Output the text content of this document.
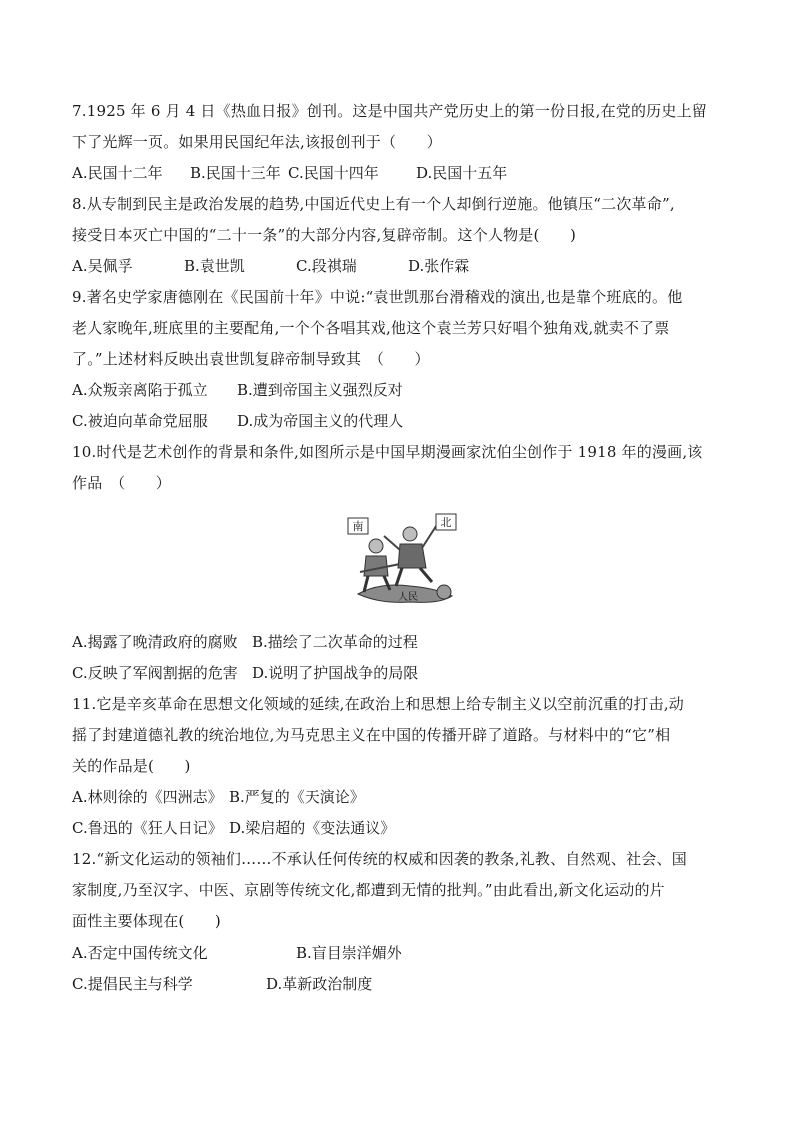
7.1925 年 6 月 4 日《热血日报》创刊。这是中国共产党历史上的第一份日报,在党的历史上留
下了光辉一页。如果用民国纪年法,该报创刊于（　　）
A.民国十二年 B.民国十三年 C.民国十四年 D.民国十五年
8.从专制到民主是政治发展的趋势,中国近代史上有一个人却倒行逆施。他镇压“二次革命”,
接受日本灭亡中国的“二十一条”的大部分内容,复辟帝制。这个人物是(　　)
A.吴佩孚	B.袁世凯	C.段祺瑞	D.张作霖
9.著名史学家唐德刚在《民国前十年》中说:“袁世凯那台滑稽戏的演出,也是靠个班底的。他
老人家晚年,班底里的主要配角,一个个各唱其戏,他这个袁兰芳只好唱个独角戏,就卖不了票
了。”上述材料反映出袁世凯复辟帝制导致其　（　　）
A.众叛亲离陷于孤立 B.遭到帝国主义强烈反对
C.被迫向革命党屈服 D.成为帝国主义的代理人
10.时代是艺术创作的背景和条件,如图所示是中国早期漫画家沈伯尘创作于 1918 年的漫画,该
作品　（　　）
南	北
人民
A.揭露了晚清政府的腐败 B.描绘了二次革命的过程
C.反映了军阀割据的危害 D.说明了护国战争的局限
11.它是辛亥革命在思想文化领域的延续,在政治上和思想上给专制主义以空前沉重的打击,动
摇了封建道德礼教的统治地位,为马克思主义在中国的传播开辟了道路。与材料中的“它”相
关的作品是(　　)
A.林则徐的《四洲志》 B.严复的《天演论》
C.鲁迅的《狂人日记》 D.梁启超的《变法通议》
12.“新文化运动的领袖们……不承认任何传统的权威和因袭的教条,礼教、自然观、社会、国
家制度,乃至汉字、中医、京剧等传统文化,都遭到无情的批判。”由此看出,新文化运动的片
面性主要体现在(　　)
A.否定中国传统文化	B.盲目崇洋媚外
C.提倡民主与科学	D.革新政治制度
